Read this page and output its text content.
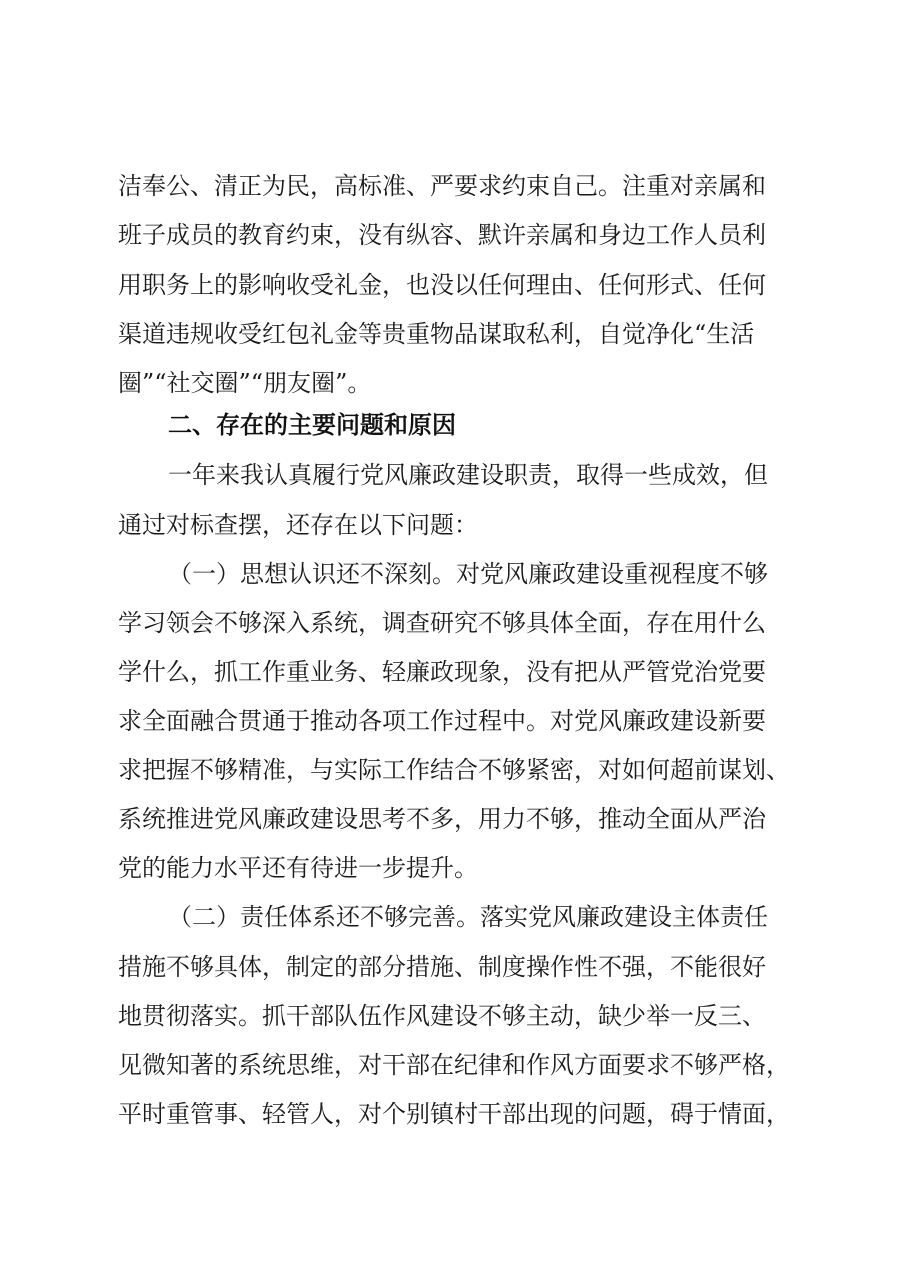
洁奉公、清正为民，高标准、严要求约束自己。注重对亲属和
班子成员的教育约束，没有纵容、默许亲属和身边工作人员利
用职务上的影响收受礼金，也没以任何理由、任何形式、任何
渠道违规收受红包礼金等贵重物品谋取私利，自觉净化“生活
圈”“社交圈”“朋友圈”。
二、存在的主要问题和原因
一年来我认真履行党风廉政建设职责，取得一些成效，但
通过对标查摆，还存在以下问题：
（一）思想认识还不深刻。对党风廉政建设重视程度不够
学习领会不够深入系统，调查研究不够具体全面，存在用什么
学什么，抓工作重业务、轻廉政现象，没有把从严管党治党要
求全面融合贯通于推动各项工作过程中。对党风廉政建设新要
求把握不够精准，与实际工作结合不够紧密，对如何超前谋划、
系统推进党风廉政建设思考不多，用力不够，推动全面从严治
党的能力水平还有待进一步提升。
（二）责任体系还不够完善。落实党风廉政建设主体责任
措施不够具体，制定的部分措施、制度操作性不强，不能很好
地贯彻落实。抓干部队伍作风建设不够主动，缺少举一反三、
见微知著的系统思维，对干部在纪律和作风方面要求不够严格，
平时重管事、轻管人，对个别镇村干部出现的问题，碍于情面，
